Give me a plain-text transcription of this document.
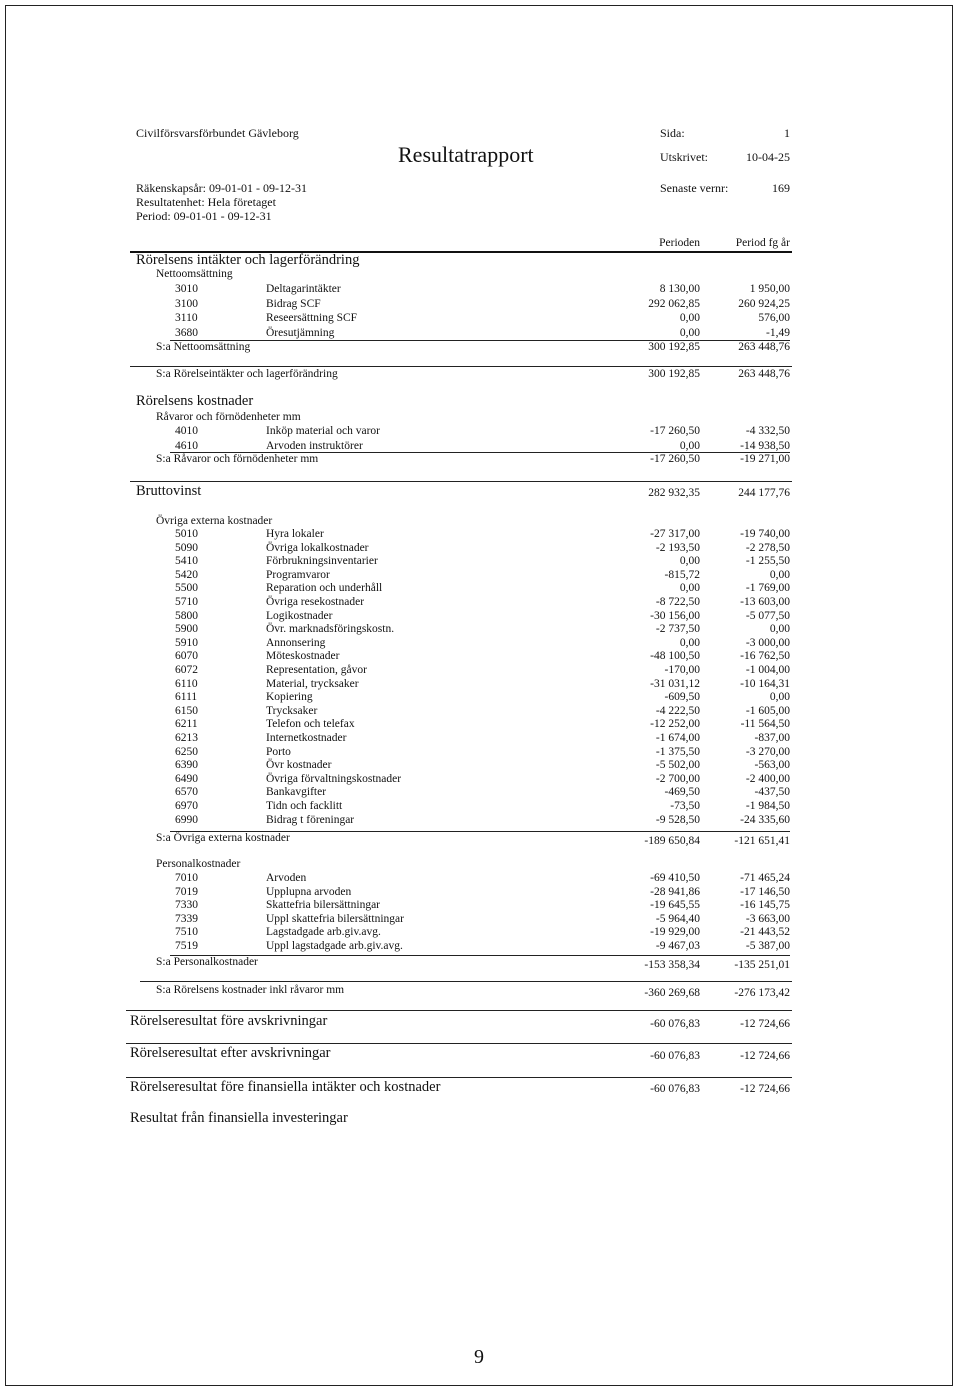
Civilförsvarsförbundet Gävleborg
Resultatrapport
Sida:	1
Utskrivet:	10-04-25
Räkenskapsår: 09-01-01 - 09-12-31	Senaste vernr:	169
Resultatenhet: Hela företaget
Period: 09-01-01 - 09-12-31
Perioden	Period fg år
Rörelsens intäkter och lagerförändring
Nettoomsättning
3010	Deltagarintäkter	8 130,00	1 950,00
3100	Bidrag SCF	292 062,85	260 924,25
3110	Reseersättning SCF	0,00	576,00
3680	Öresutjämning	0,00	-1,49
S:a Nettoomsättning	300 192,85	263 448,76
S:a Rörelseintäkter och lagerförändring	300 192,85	263 448,76
Rörelsens kostnader
Råvaror och förnödenheter mm
4010	Inköp material och varor	-17 260,50	-4 332,50
4610	Arvoden instruktörer	0,00	-14 938,50
S:a Råvaror och förnödenheter mm	-17 260,50	-19 271,00
Bruttovinst	282 932,35	244 177,76
Övriga externa kostnader
5010	Hyra lokaler	-27 317,00	-19 740,00
5090	Övriga lokalkostnader	-2 193,50	-2 278,50
5410	Förbrukningsinventarier	0,00	-1 255,50
5420	Programvaror	-815,72	0,00
5500	Reparation och underhåll	0,00	-1 769,00
5710	Övriga resekostnader	-8 722,50	-13 603,00
5800	Logikostnader	-30 156,00	-5 077,50
5900	Övr. marknadsföringskostn.	-2 737,50	0,00
5910	Annonsering	0,00	-3 000,00
6070	Möteskostnader	-48 100,50	-16 762,50
6072	Representation, gåvor	-170,00	-1 004,00
6110	Material, trycksaker	-31 031,12	-10 164,31
6111	Kopiering	-609,50	0,00
6150	Trycksaker	-4 222,50	-1 605,00
6211	Telefon och telefax	-12 252,00	-11 564,50
6213	Internetkostnader	-1 674,00	-837,00
6250	Porto	-1 375,50	-3 270,00
6390	Övr kostnader	-5 502,00	-563,00
6490	Övriga förvaltningskostnader	-2 700,00	-2 400,00
6570	Bankavgifter	-469,50	-437,50
6970	Tidn och facklitt	-73,50	-1 984,50
6990	Bidrag t föreningar	-9 528,50	-24 335,60
S:a Övriga externa kostnader	-189 650,84	-121 651,41
Personalkostnader
7010	Arvoden	-69 410,50	-71 465,24
7019	Upplupna arvoden	-28 941,86	-17 146,50
7330	Skattefria bilersättningar	-19 645,55	-16 145,75
7339	Uppl skattefria bilersättningar	-5 964,40	-3 663,00
7510	Lagstadgade arb.giv.avg.	-19 929,00	-21 443,52
7519	Uppl lagstadgade arb.giv.avg.	-9 467,03	-5 387,00
S:a Personalkostnader	-153 358,34	-135 251,01
S:a Rörelsens kostnader inkl råvaror mm	-360 269,68	-276 173,42
Rörelseresultat före avskrivningar	-60 076,83	-12 724,66
Rörelseresultat efter avskrivningar	-60 076,83	-12 724,66
Rörelseresultat före finansiella intäkter och kostnader	-60 076,83	-12 724,66
Resultat från finansiella investeringar
9
